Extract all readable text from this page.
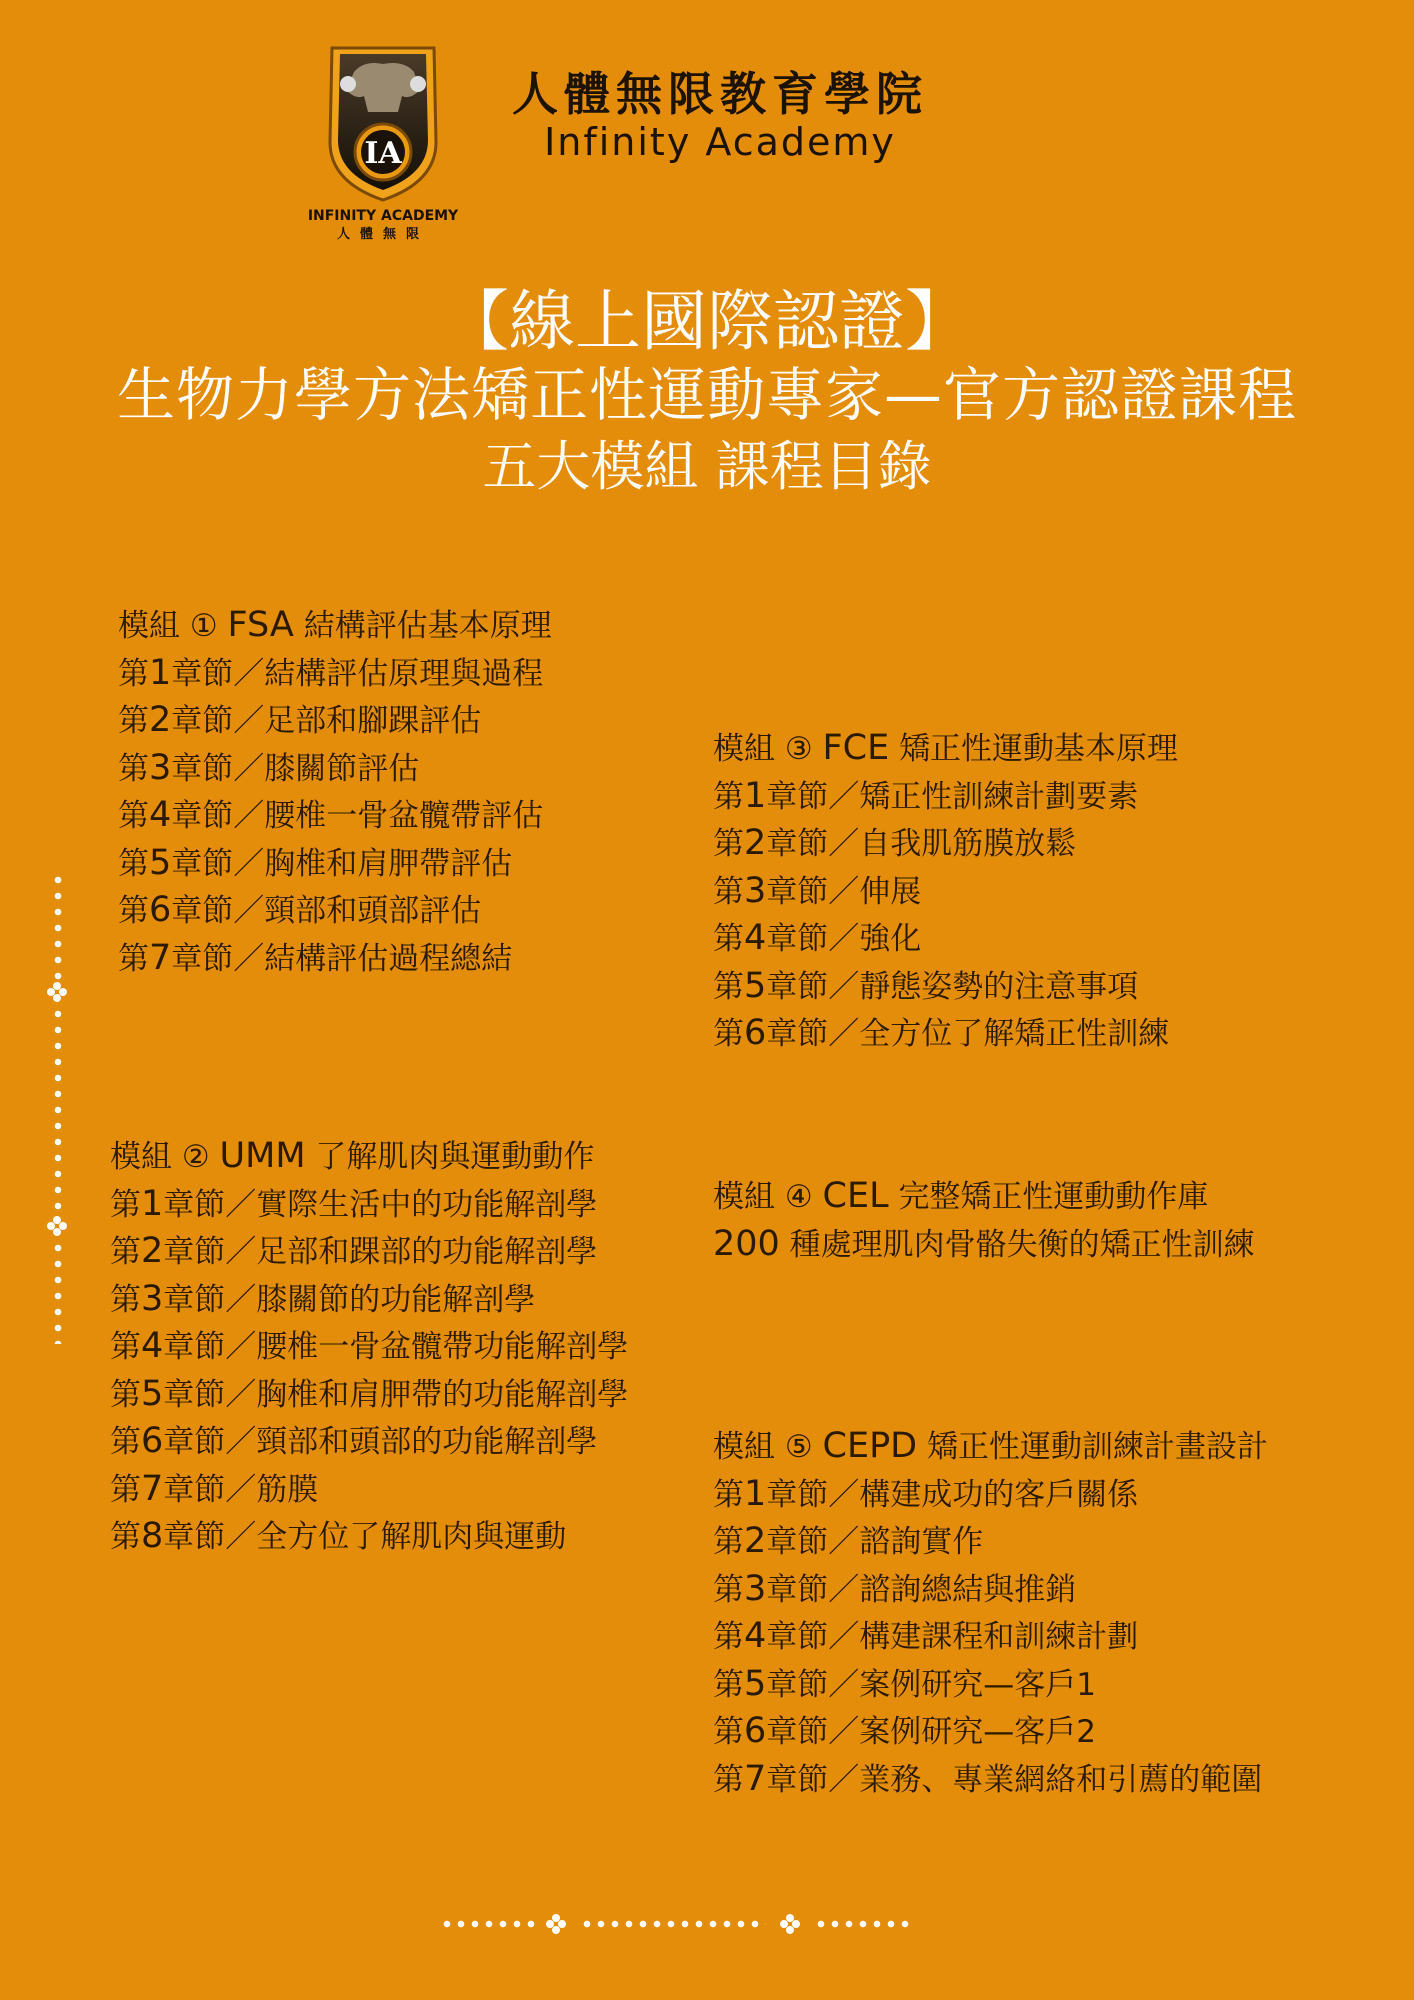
IA
INFINITY ACADEMY
人體無限
人體無限教育學院
Infinity Academy
【線上國際認證】
生物力學方法矯正性運動專家—官方認證課程
五大模組 課程目錄
模組 ① FSA 結構評估基本原理
第1章節／結構評估原理與過程
第2章節／足部和腳踝評估
第3章節／膝關節評估
第4章節／腰椎一骨盆髖帶評估
第5章節／胸椎和肩胛帶評估
第6章節／頸部和頭部評估
第7章節／結構評估過程總結
模組 ② UMM 了解肌肉與運動動作
第1章節／實際生活中的功能解剖學
第2章節／足部和踝部的功能解剖學
第3章節／膝關節的功能解剖學
第4章節／腰椎一骨盆髖帶功能解剖學
第5章節／胸椎和肩胛帶的功能解剖學
第6章節／頸部和頭部的功能解剖學
第7章節／筋膜
第8章節／全方位了解肌肉與運動
模組 ③ FCE 矯正性運動基本原理
第1章節／矯正性訓練計劃要素
第2章節／自我肌筋膜放鬆
第3章節／伸展
第4章節／強化
第5章節／靜態姿勢的注意事項
第6章節／全方位了解矯正性訓練
模組 ④ CEL 完整矯正性運動動作庫
200 種處理肌肉骨骼失衡的矯正性訓練
模組 ⑤ CEPD 矯正性運動訓練計畫設計
第1章節／構建成功的客戶關係
第2章節／諮詢實作
第3章節／諮詢總結與推銷
第4章節／構建課程和訓練計劃
第5章節／案例研究—客戶1
第6章節／案例研究—客戶2
第7章節／業務、專業網絡和引薦的範圍
